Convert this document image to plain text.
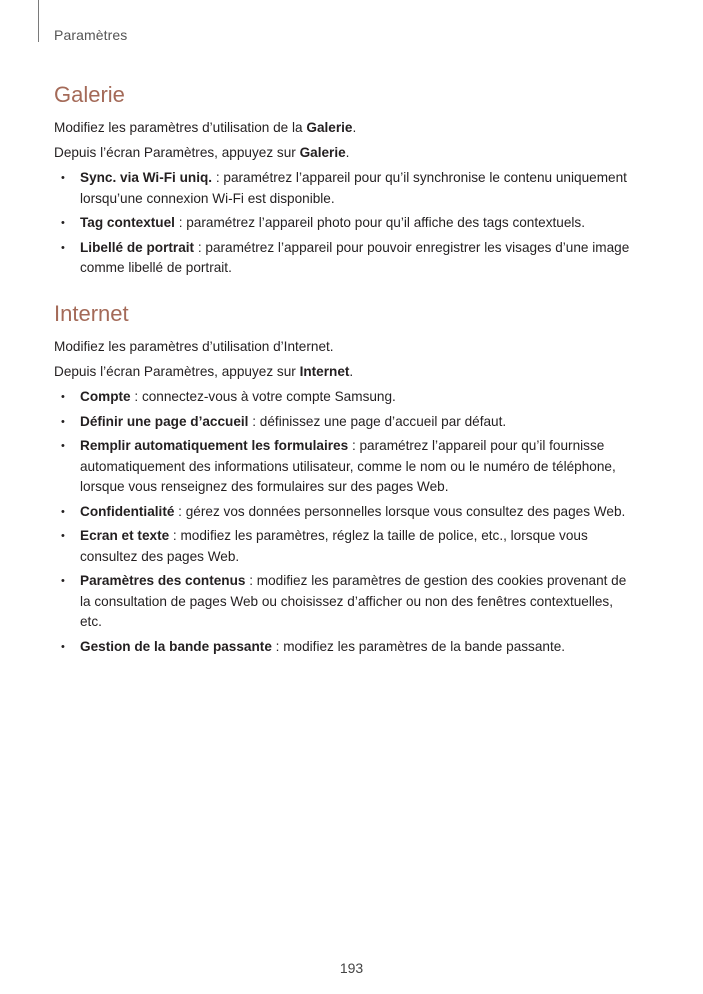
Paramètres
Galerie

Modifiez les paramètres d’utilisation de la Galerie.

Depuis l’écran Paramètres, appuyez sur Galerie.

• Sync. via Wi-Fi uniq. : paramétrez l’appareil pour qu’il synchronise le contenu uniquement lorsqu’une connexion Wi-Fi est disponible.
• Tag contextuel : paramétrez l’appareil photo pour qu’il affiche des tags contextuels.
• Libellé de portrait : paramétrez l’appareil pour pouvoir enregistrer les visages d’une image comme libellé de portrait.
Internet

Modifiez les paramètres d’utilisation d’Internet.

Depuis l’écran Paramètres, appuyez sur Internet.

• Compte : connectez-vous à votre compte Samsung.
• Définir une page d’accueil : définissez une page d’accueil par défaut.
• Remplir automatiquement les formulaires : paramétrez l’appareil pour qu’il fournisse automatiquement des informations utilisateur, comme le nom ou le numéro de téléphone, lorsque vous renseignez des formulaires sur des pages Web.
• Confidentialité : gérez vos données personnelles lorsque vous consultez des pages Web.
• Ecran et texte : modifiez les paramètres, réglez la taille de police, etc., lorsque vous consultez des pages Web.
• Paramètres des contenus : modifiez les paramètres de gestion des cookies provenant de la consultation de pages Web ou choisissez d’afficher ou non des fenêtres contextuelles, etc.
• Gestion de la bande passante : modifiez les paramètres de la bande passante.
193
